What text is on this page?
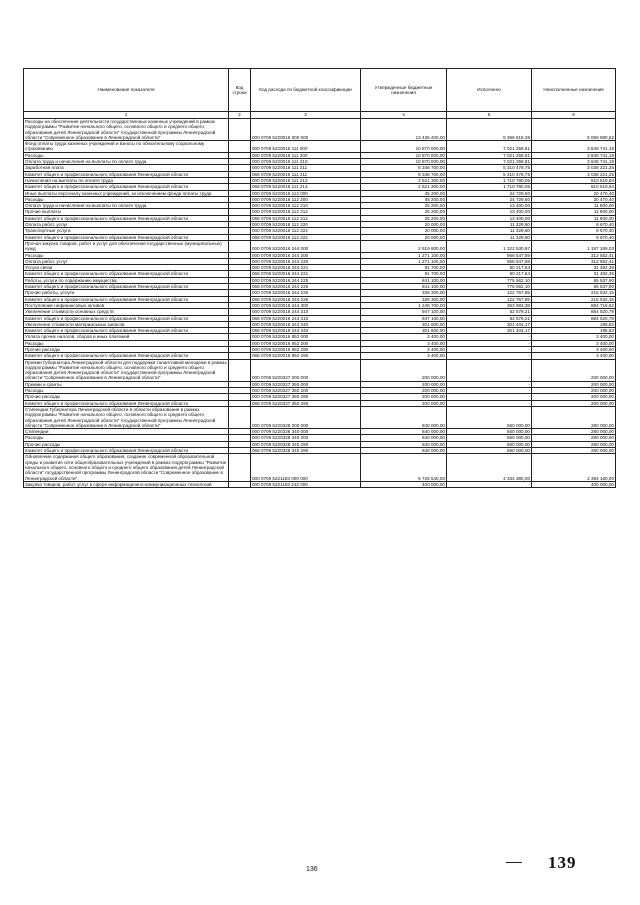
Наименование показателя	Код строки	Код расхода по бюджетной классификации	Утвержденные бюджетные назначения	Исполнено	Неисполненные назначения
1	2	3	4	5	6
Расходы на обеспечение деятельности государственных казенных учреждений в рамках подпрограммы "Развитие начального общего, основного общего и среднего общего образования детей Ленинградской области" государственной программы Ленинградской области "Современное образование в Ленинградской области"		000 0709 5220016 000 000	13 436 400,00	8 366 519,38	5 069 880,62
Фонд оплаты труда казенных учреждений и взносы по обязательному социальному страхованию		000 0709 5220016 111 000	10 870 000,00	7 021 258,81	3 848 741,19
Расходы		000 0709 5220016 111 200	10 870 000,00	7 021 258,81	3 848 741,19
Оплата труда и начисления на выплаты по оплате труда		000 0709 5220016 111 210	10 870 000,00	7 021 258,81	3 848 741,19
Заработная плата		000 0709 5220016 111 211	8 348 700,00	5 310 478,75	3 038 221,25
Комитет общего и профессионального образования Ленинградской области		068 0709 5220016 111 211	8 348 700,00	5 310 478,75	3 038 221,25
Начисления на выплаты по оплате труда		000 0709 5220016 111 213	2 521 300,00	1 710 780,06	810 519,94
Комитет общего и профессионального образования Ленинградской области		068 0709 5220016 111 213	2 521 300,00	1 710 780,06	810 519,94
Иные выплаты персоналу казенных учреждений, за исключением фонда оплаты труда		000 0709 5220016 112 000	45 200,00	24 729,60	20 470,40
Расходы		000 0709 5220016 112 200	45 200,00	24 729,60	20 470,40
Оплата труда и начисления на выплаты по оплате труда		000 0709 5220016 112 210	25 200,00	13 400,00	11 800,00
Прочие выплаты		000 0709 5220016 112 212	25 200,00	13 400,00	11 800,00
Комитет общего и профессионального образования Ленинградской области		068 0709 5220016 112 212	25 200,00	13 400,00	11 800,00
Оплата работ, услуг		000 0709 5220016 112 220	20 000,00	11 329,60	8 670,40
Транспортные услуги		000 0709 5220016 112 222	20 000,00	11 329,60	8 670,40
Комитет общего и профессионального образования Ленинградской области		068 0709 5220016 112 222	20 000,00	11 329,60	8 670,40
Прочая закупка товаров, работ и услуг для обеспечения государственных (муниципальных) нужд		000 0709 5220016 244 000	2 519 800,00	1 322 530,97	1 197 269,03
Расходы		000 0709 5220016 244 200	1 271 100,00	958 547,59	312 552,41
Оплата работ, услуг		000 0709 5220016 244 220	1 271 100,00	958 547,59	312 552,41
Услуги связи		000 0709 5220016 244 221	91 700,00	60 217,64	31 482,36
Комитет общего и профессионального образования Ленинградской области		068 0709 5220016 244 221	91 700,00	60 217,64	31 482,36
Работы, услуги по содержанию имущества		000 0709 5220016 244 225	841 100,00	775 562,10	65 537,90
Комитет общего и профессионального образования Ленинградской области		068 0709 5220016 244 225	841 100,00	775 562,10	65 537,90
Прочие работы, услуги		000 0709 5220016 244 226	338 300,00	122 767,85	215 532,15
Комитет общего и профессионального образования Ленинградской области		068 0709 5220016 244 226	338 300,00	122 767,85	215 532,15
Поступление нефинансовых активов		000 0709 5220016 244 300	1 248 700,00	363 983,38	884 716,62
Увеличение стоимости основных средств		000 0709 5220016 244 310	947 100,00	62 579,21	884 520,79
Комитет общего и профессионального образования Ленинградской области		068 0709 5220016 244 310	947 100,00	62 579,21	884 520,79
Увеличение стоимости материальных запасов		000 0709 5220016 244 340	301 600,00	301 404,17	195,83
Комитет общего и профессионального образования Ленинградской области		068 0709 5220016 244 340	301 600,00	301 404,17	195,83
Уплата прочих налогов, сборов и иных платежей		000 0709 5220016 852 000	3 400,00	-	3 400,00
Расходы		000 0709 5220016 852 200	3 400,00	-	3 400,00
Прочие расходы		000 0709 5220016 852 290	3 400,00	-	3 400,00
Комитет общего и профессионального образования Ленинградской области		068 0709 5220016 852 290	3 400,00	-	3 400,00
Премии Губернатора Ленинградской области для поддержки талантливой молодежи в рамках подпрограммы "Развитие начального общего, основного общего и среднего общего образования детей Ленинградской области" государственной программы Ленинградской области "Современное образование в Ленинградской области"		000 0709 5220327 000 000	200 000,00	-	200 000,00
Премии и гранты		000 0709 5220327 350 000	200 000,00	-	200 000,00
Расходы		000 0709 5220327 350 200	200 000,00	-	200 000,00
Прочие расходы		000 0709 5220327 350 290	200 000,00	-	200 000,00
Комитет общего и профессионального образования Ленинградской области		068 0709 5220327 350 290	200 000,00	-	200 000,00
Стипендии Губернатора Ленинградской области в области образования в рамках подпрограммы "Развитие начального общего, основного общего и среднего общего образования детей Ленинградской области" государственной программы Ленинградской области "Современное образование в Ленинградской области"		000 0709 5220328 000 000	840 000,00	560 000,00	280 000,00
Стипендии		000 0709 5220328 340 000	840 000,00	560 000,00	280 000,00
Расходы		000 0709 5220328 340 200	840 000,00	560 000,00	280 000,00
Прочие расходы		000 0709 5220328 340 290	840 000,00	560 000,00	280 000,00
Комитет общего и профессионального образования Ленинградской области		068 0709 5220328 340 290	840 000,00	560 000,00	280 000,00
Обновление содержания общего образования, создание современной образовательной среды и развитие сети общеобразовательных учреждений в рамках подпрограммы "Развитие начального общего, основного общего и среднего общего образования детей Ленинградской области" государственной программы Ленинградской области "Современное образование в Ленинградской области"		000 0709 5221183 000 000	6 728 540,00	4 334 380,00	2 394 160,00
Закупка товаров, работ, услуг в сфере информационно-коммуникационных технологий		000 0709 5221183 242 000	400 000,00	-	400 000,00
136	139
